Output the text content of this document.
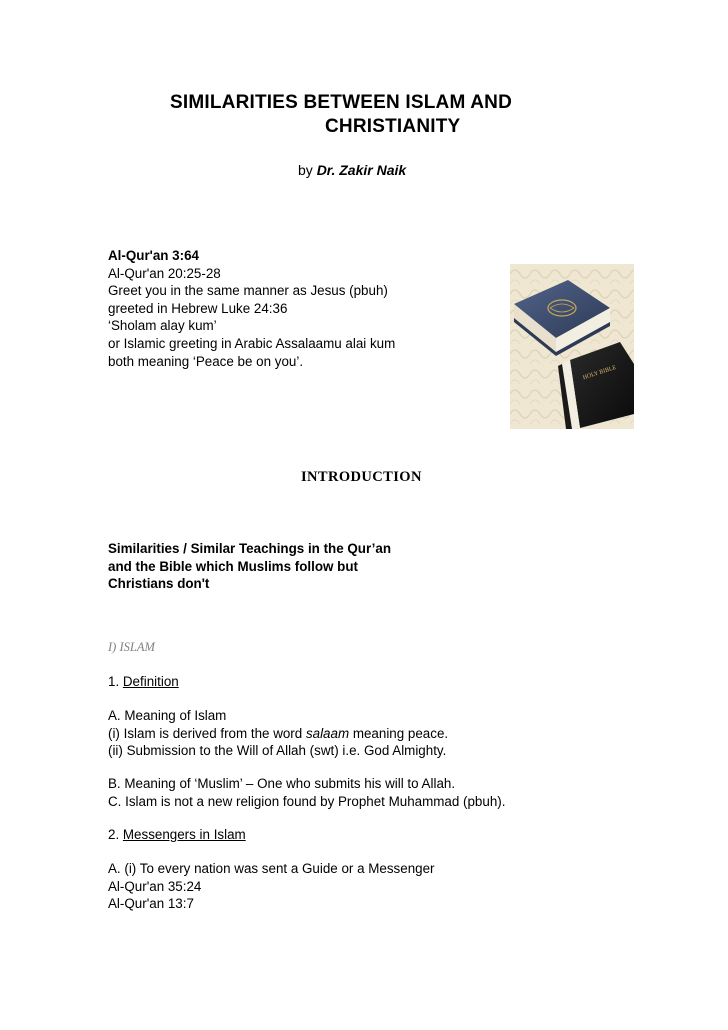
SIMILARITIES BETWEEN ISLAM AND
CHRISTIANITY
by Dr. Zakir Naik
Al-Qur'an 3:64
Al-Qur'an 20:25-28
Greet you in the same manner as Jesus (pbuh)
greeted in Hebrew Luke 24:36
‘Sholam alay kum’
or Islamic greeting in Arabic Assalaamu alai kum
both meaning ‘Peace be on you’.
HOLY BIBLE
INTRODUCTION
Similarities / Similar Teachings in the Qur’an
and the Bible which Muslims follow but
Christians don't
I) ISLAM
1. Definition
A. Meaning of Islam
(i) Islam is derived from the word salaam meaning peace.
(ii) Submission to the Will of Allah (swt) i.e. God Almighty.
B. Meaning of ‘Muslim’ – One who submits his will to Allah.
C. Islam is not a new religion found by Prophet Muhammad (pbuh).
2. Messengers in Islam
A. (i) To every nation was sent a Guide or a Messenger
Al-Qur'an 35:24
Al-Qur'an 13:7
